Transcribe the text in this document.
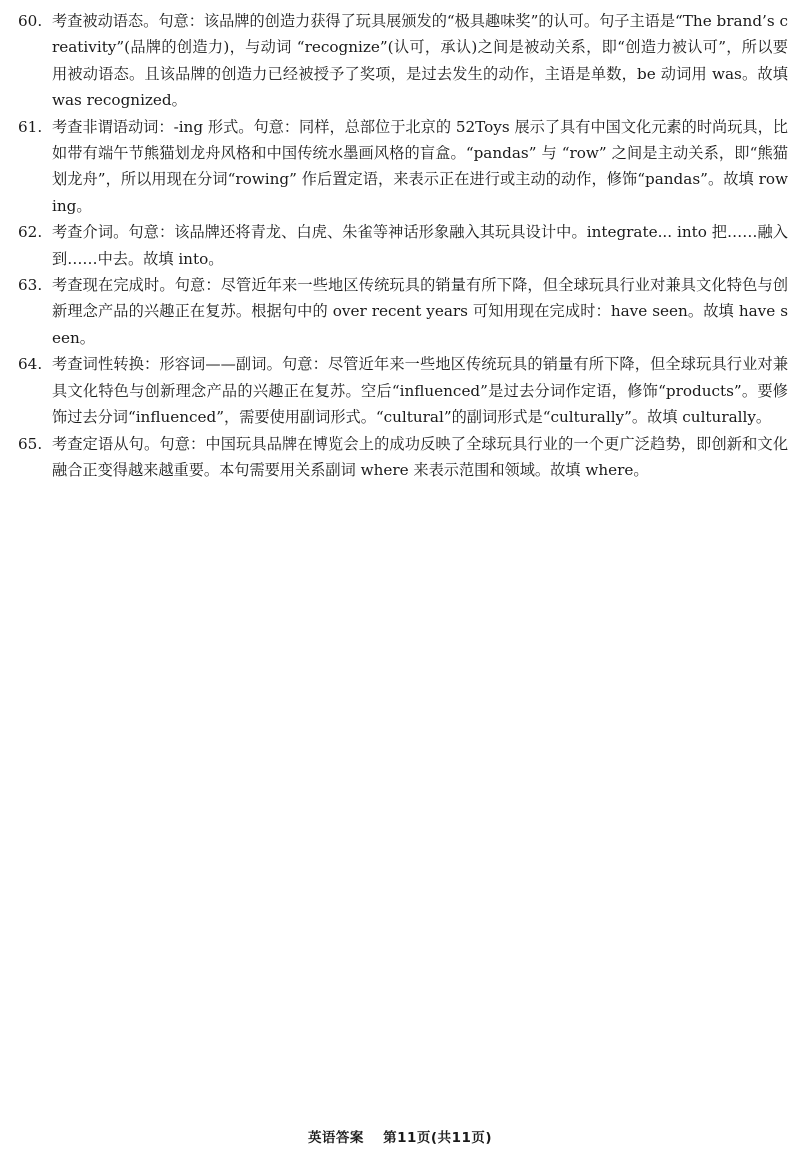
60. 考查被动语态。句意：该品牌的创造力获得了玩具展颁发的“极具趣味奖”的认可。句子主语是“The brand’s creativity”(品牌的创造力)，与动词 “recognize”(认可，承认)之间是被动关系，即“创造力被认可”，所以要用被动语态。且该品牌的创造力已经被授予了奖项，是过去发生的动作，主语是单数，be 动词用 was。故填 was recognized。
61. 考查非谓语动词：-ing 形式。句意：同样，总部位于北京的 52Toys 展示了具有中国文化元素的时尚玩具，比如带有端午节熊猫划龙舟风格和中国传统水墨画风格的盲盒。“pandas” 与 “row” 之间是主动关系，即“熊猫划龙舟”，所以用现在分词“rowing” 作后置定语，来表示正在进行或主动的动作，修饰“pandas”。故填 rowing。
62. 考查介词。句意：该品牌还将青龙、白虎、朱雀等神话形象融入其玩具设计中。integrate... into 把……融入到……中去。故填 into。
63. 考查现在完成时。句意：尽管近年来一些地区传统玩具的销量有所下降，但全球玩具行业对兼具文化特色与创新理念产品的兴趣正在复苏。根据句中的 over recent years 可知用现在完成时：have seen。故填 have seen。
64. 考查词性转换：形容词——副词。句意：尽管近年来一些地区传统玩具的销量有所下降，但全球玩具行业对兼具文化特色与创新理念产品的兴趣正在复苏。空后“influenced”是过去分词作定语，修饰“products”。要修饰过去分词“influenced”，需要使用副词形式。“cultural”的副词形式是“culturally”。故填 culturally。
65. 考查定语从句。句意：中国玩具品牌在博览会上的成功反映了全球玩具行业的一个更广泛趋势，即创新和文化融合正变得越来越重要。本句需要用关系副词 where 来表示范围和领域。故填 where。
英语答案 第11页(共11页)
